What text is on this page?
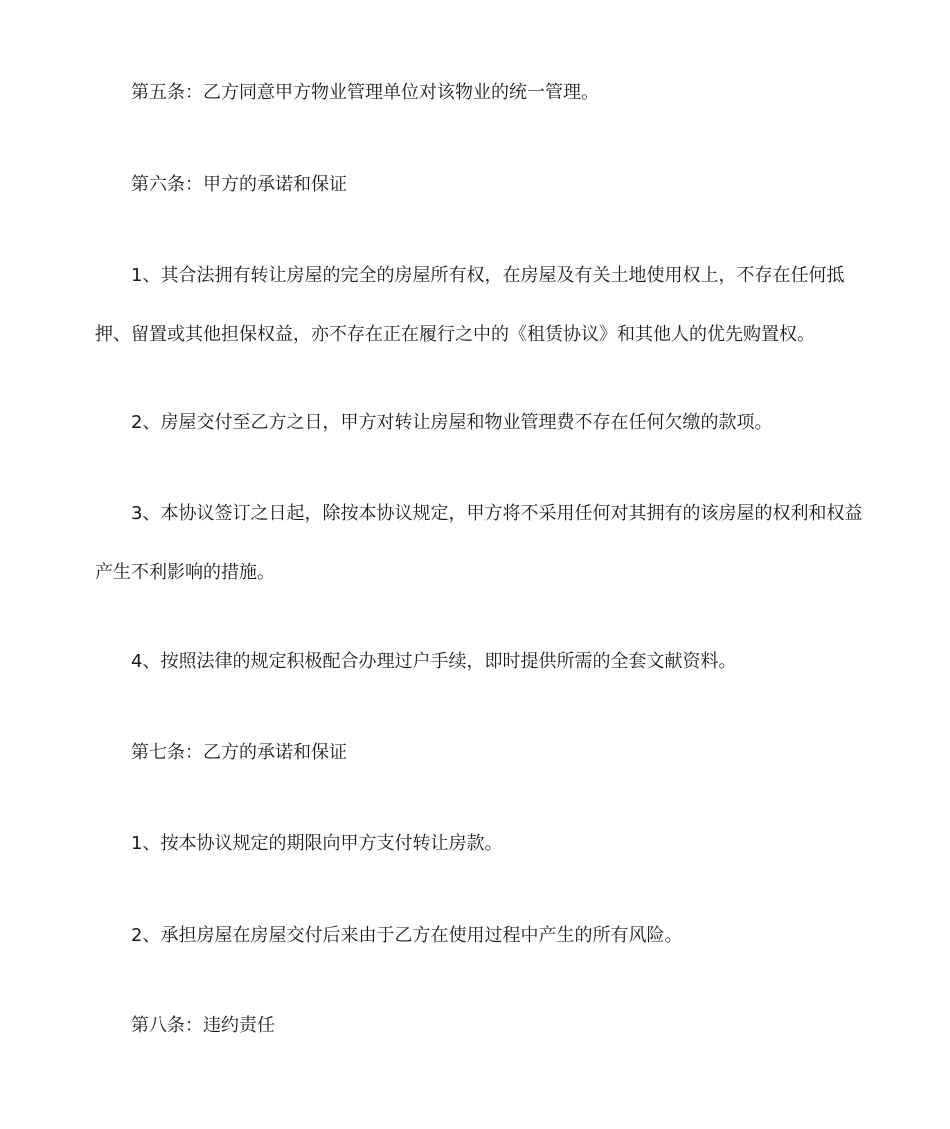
第五条：乙方同意甲方物业管理单位对该物业的统一管理。

第六条：甲方的承诺和保证

1、其合法拥有转让房屋的完全的房屋所有权，在房屋及有关土地使用权上，不存在任何抵押、留置或其他担保权益，亦不存在正在履行之中的《租赁协议》和其他人的优先购置权。

2、房屋交付至乙方之日，甲方对转让房屋和物业管理费不存在任何欠缴的款项。

3、本协议签订之日起，除按本协议规定，甲方将不采用任何对其拥有的该房屋的权利和权益产生不利影响的措施。

4、按照法律的规定积极配合办理过户手续，即时提供所需的全套文献资料。

第七条：乙方的承诺和保证

1、按本协议规定的期限向甲方支付转让房款。

2、承担房屋在房屋交付后来由于乙方在使用过程中产生的所有风险。

第八条：违约责任
